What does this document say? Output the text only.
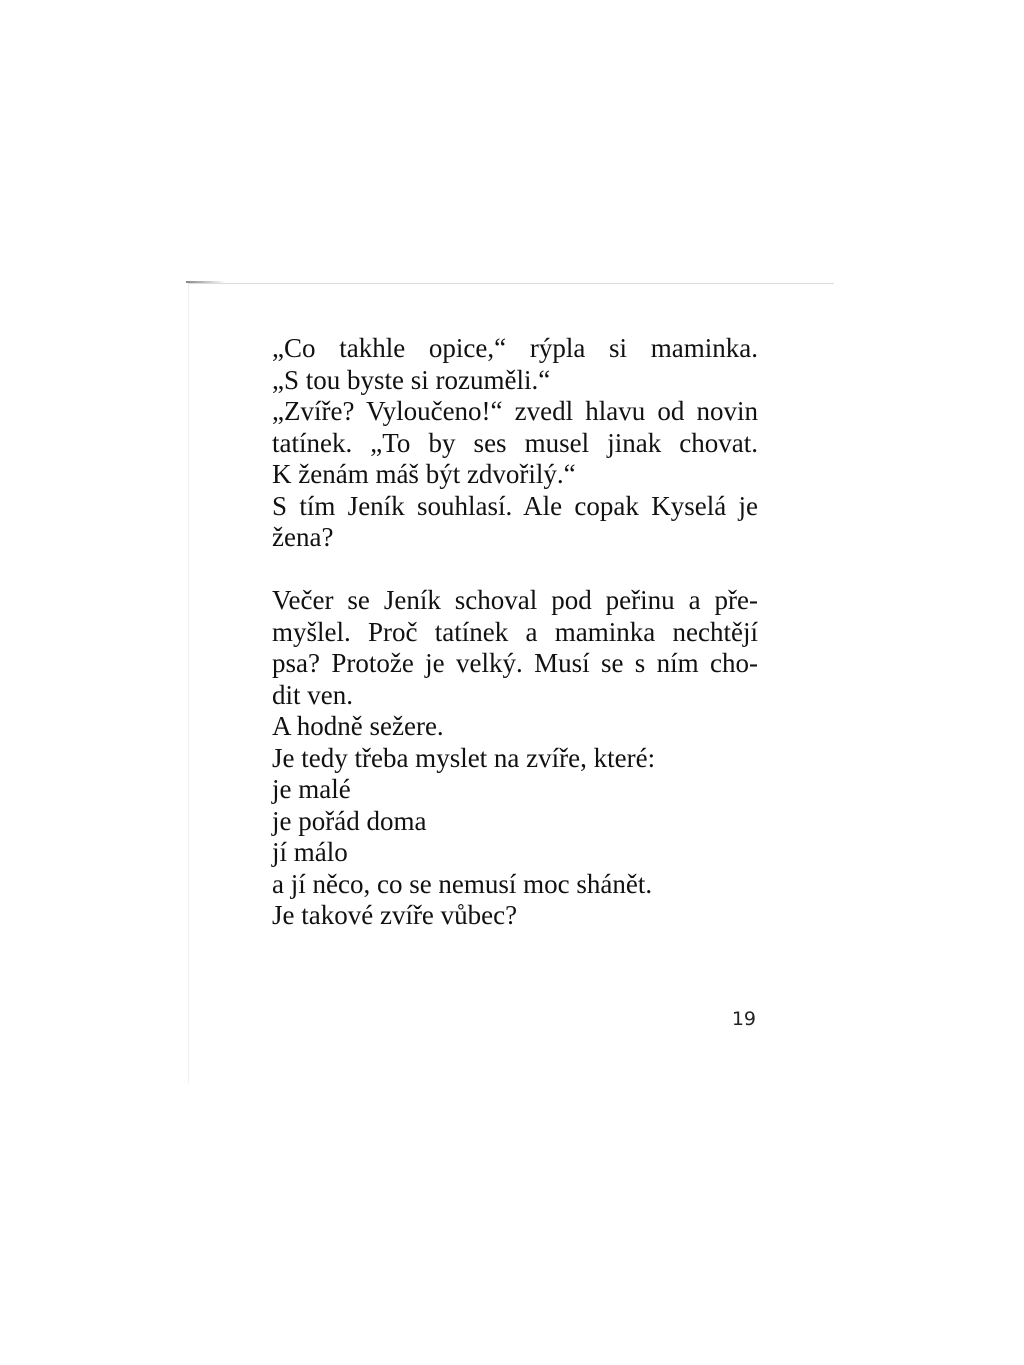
„Co takhle opice,“ rýpla si maminka.
„S tou byste si rozuměli.“
„Zvíře? Vyloučeno!“ zvedl hlavu od novin
tatínek. „To by ses musel jinak chovat.
K ženám máš být zdvořilý.“
S tím Jeník souhlasí. Ale copak Kyselá je
žena?
Večer se Jeník schoval pod peřinu a pře-
myšlel. Proč tatínek a maminka nechtějí
psa? Protože je velký. Musí se s ním cho-
dit ven.
A hodně sežere.
Je tedy třeba myslet na zvíře, které:
je malé
je pořád doma
jí málo
a jí něco, co se nemusí moc shánět.
Je takové zvíře vůbec?
19
